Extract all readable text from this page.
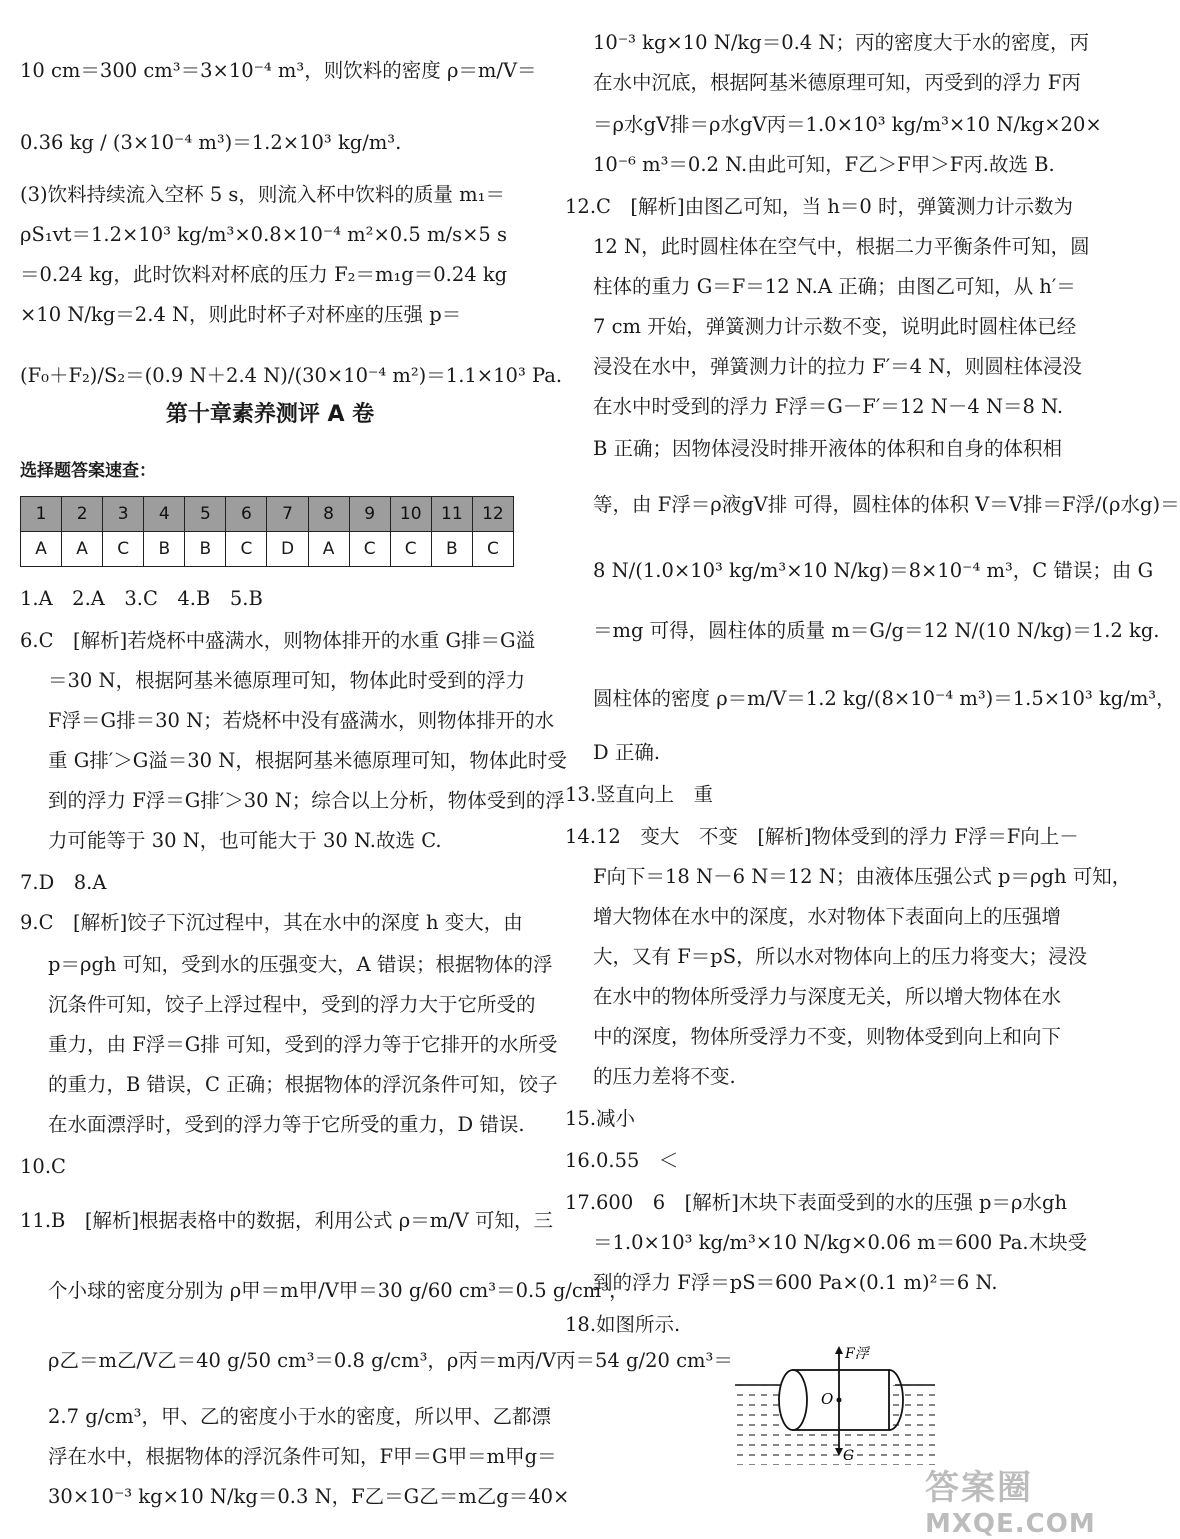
10 cm＝300 cm³＝3×10⁻⁴ m³，则饮料的密度 ρ＝m/V＝
0.36 kg / (3×10⁻⁴ m³)＝1.2×10³ kg/m³.
(3)饮料持续流入空杯 5 s，则流入杯中饮料的质量 m₁＝
ρS₁vt＝1.2×10³ kg/m³×0.8×10⁻⁴ m²×0.5 m/s×5 s
＝0.24 kg，此时饮料对杯底的压力 F₂＝m₁g＝0.24 kg
×10 N/kg＝2.4 N，则此时杯子对杯座的压强 p＝
(F₀＋F₂)/S₂＝(0.9 N＋2.4 N)/(30×10⁻⁴ m²)＝1.1×10³ Pa.
第十章素养测评 A 卷
选择题答案速查：
1	2	3	4	5	6	7	8	9	10	11	12
A	A	C	B	B	C	D	A	C	C	B	C
1.A　2.A　3.C　4.B　5.B
6.C　[解析]若烧杯中盛满水，则物体排开的水重 G排＝G溢
＝30 N，根据阿基米德原理可知，物体此时受到的浮力
F浮＝G排＝30 N；若烧杯中没有盛满水，则物体排开的水
重 G排′＞G溢＝30 N，根据阿基米德原理可知，物体此时受
到的浮力 F浮＝G排′＞30 N；综合以上分析，物体受到的浮
力可能等于 30 N，也可能大于 30 N.故选 C.
7.D　8.A
9.C　[解析]饺子下沉过程中，其在水中的深度 h 变大，由
p＝ρgh 可知，受到水的压强变大，A 错误；根据物体的浮
沉条件可知，饺子上浮过程中，受到的浮力大于它所受的
重力，由 F浮＝G排 可知，受到的浮力等于它排开的水所受
的重力，B 错误，C 正确；根据物体的浮沉条件可知，饺子
在水面漂浮时，受到的浮力等于它所受的重力，D 错误.
10.C
11.B　[解析]根据表格中的数据，利用公式 ρ＝m/V 可知，三
个小球的密度分别为 ρ甲＝m甲/V甲＝30 g/60 cm³＝0.5 g/cm³，
ρ乙＝m乙/V乙＝40 g/50 cm³＝0.8 g/cm³，ρ丙＝m丙/V丙＝54 g/20 cm³＝
2.7 g/cm³，甲、乙的密度小于水的密度，所以甲、乙都漂
浮在水中，根据物体的浮沉条件可知，F甲＝G甲＝m甲g＝
30×10⁻³ kg×10 N/kg＝0.3 N，F乙＝G乙＝m乙g＝40×
10⁻³ kg×10 N/kg＝0.4 N；丙的密度大于水的密度，丙
在水中沉底，根据阿基米德原理可知，丙受到的浮力 F丙
＝ρ水gV排＝ρ水gV丙＝1.0×10³ kg/m³×10 N/kg×20×
10⁻⁶ m³＝0.2 N.由此可知，F乙＞F甲＞F丙.故选 B.
12.C　[解析]由图乙可知，当 h＝0 时，弹簧测力计示数为
12 N，此时圆柱体在空气中，根据二力平衡条件可知，圆
柱体的重力 G＝F＝12 N.A 正确；由图乙可知，从 h′＝
7 cm 开始，弹簧测力计示数不变，说明此时圆柱体已经
浸没在水中，弹簧测力计的拉力 F′＝4 N，则圆柱体浸没
在水中时受到的浮力 F浮＝G－F′＝12 N－4 N＝8 N.
B 正确；因物体浸没时排开液体的体积和自身的体积相
等，由 F浮＝ρ液gV排 可得，圆柱体的体积 V＝V排＝F浮/(ρ水g)＝
8 N/(1.0×10³ kg/m³×10 N/kg)＝8×10⁻⁴ m³，C 错误；由 G
＝mg 可得，圆柱体的质量 m＝G/g＝12 N/(10 N/kg)＝1.2 kg.
圆柱体的密度 ρ＝m/V＝1.2 kg/(8×10⁻⁴ m³)＝1.5×10³ kg/m³，
D 正确.
13.竖直向上　重
14.12　变大　不变　[解析]物体受到的浮力 F浮＝F向上－
F向下＝18 N－6 N＝12 N；由液体压强公式 p＝ρgh 可知，
增大物体在水中的深度，水对物体下表面向上的压强增
大，又有 F＝pS，所以水对物体向上的压力将变大；浸没
在水中的物体所受浮力与深度无关，所以增大物体在水
中的深度，物体所受浮力不变，则物体受到向上和向下
的压力差将不变.
15.减小
16.0.55　＜
17.600　6　[解析]木块下表面受到的水的压强 p＝ρ水gh
＝1.0×10³ kg/m³×10 N/kg×0.06 m＝600 Pa.木块受
到的浮力 F浮＝pS＝600 Pa×(0.1 m)²＝6 N.
18.如图所示.
F浮
O
G
答案圈
MXQE.COM
